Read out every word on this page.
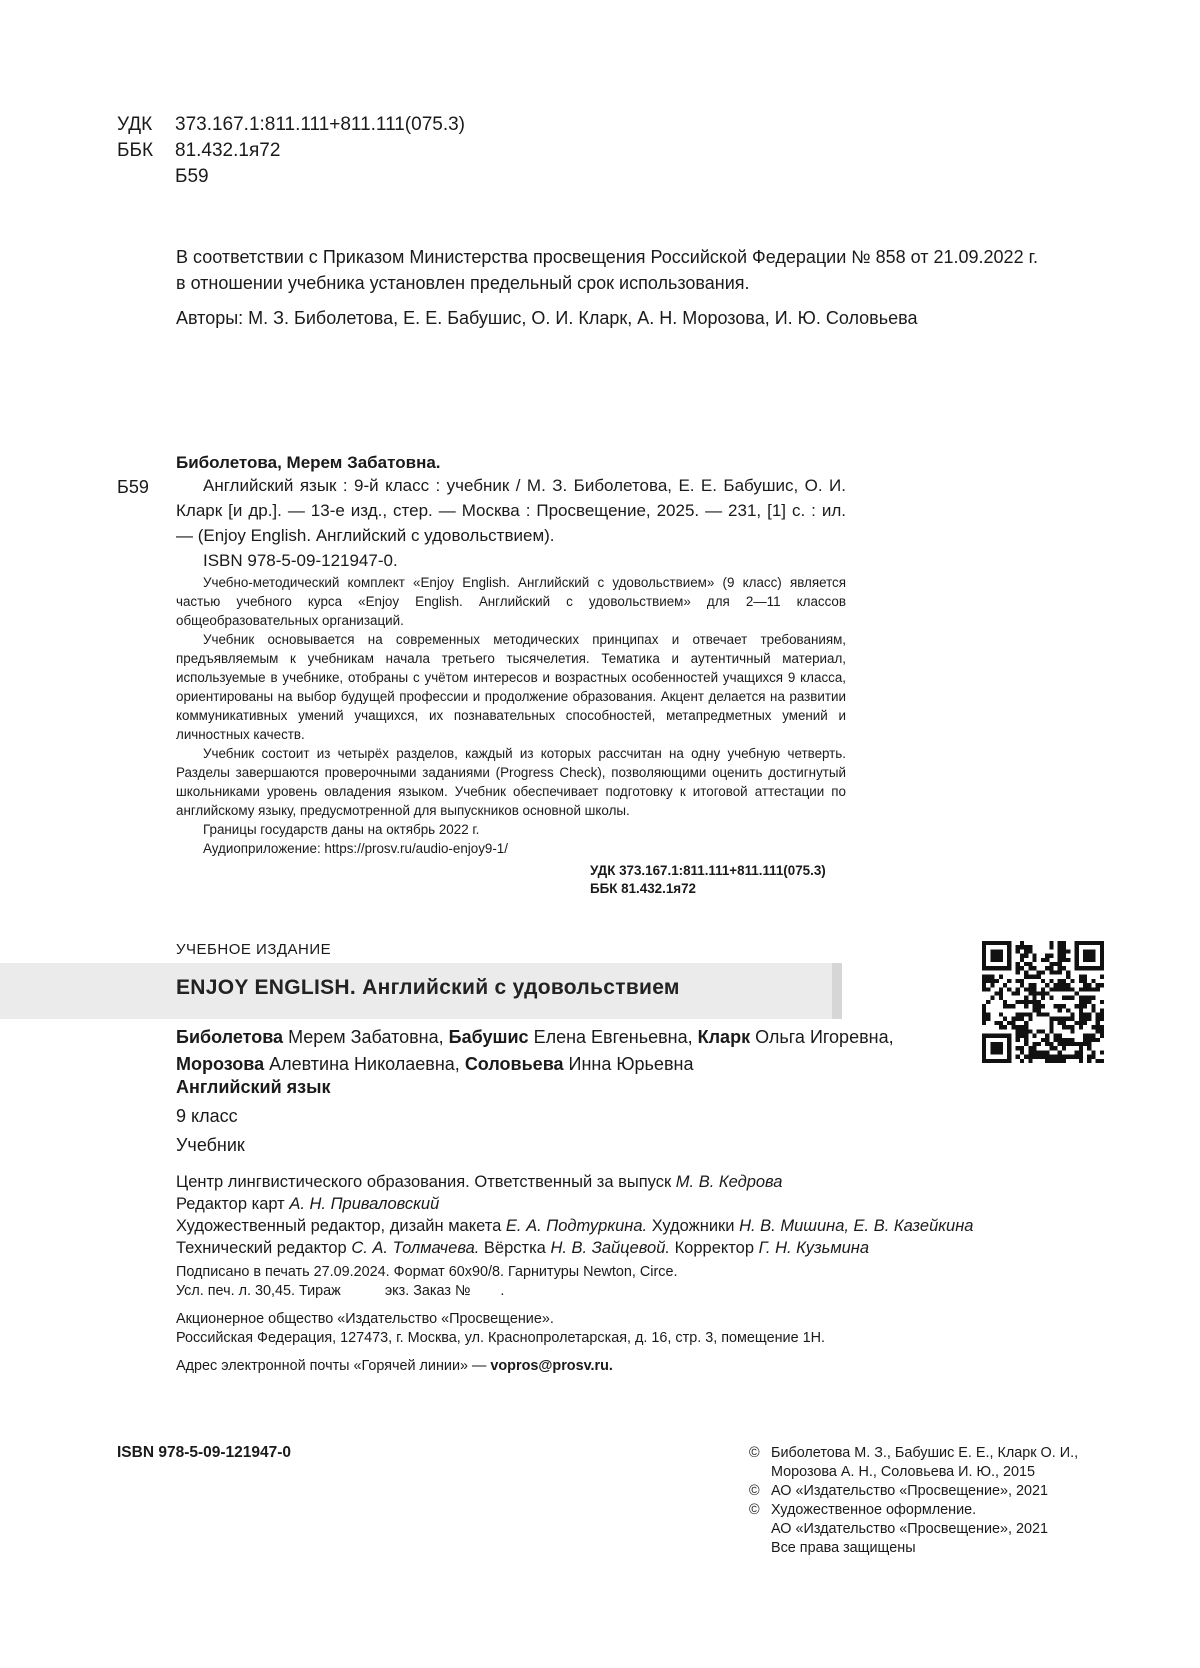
УДК	373.167.1:811.111+811.111(075.3)
ББК	81.432.1я72
Б59
В соответствии с Приказом Министерства просвещения Российской Федерации № 858 от 21.09.2022 г.
в отношении учебника установлен предельный срок использования.
Авторы: М. З. Биболетова, Е. Е. Бабушис, О. И. Кларк, А. Н. Морозова, И. Ю. Соловьева
Биболетова, Мерем Забатовна.
Б59	Английский язык : 9-й класс : учебник / М. З. Биболетова, Е. Е. Бабушис, О. И. Кларк [и др.]. — 13-е изд., стер. — Москва : Просвещение, 2025. — 231, [1] с. : ил. — (Enjoy English. Английский с удовольствием).
ISBN 978-5-09-121947-0.
Учебно-методический комплект «Enjoy English. Английский с удовольствием» (9 класс) является частью учебного курса «Enjoy English. Английский с удовольствием» для 2—11 классов общеобразовательных организаций.
Учебник основывается на современных методических принципах и отвечает требованиям, предъявляемым к учебникам начала третьего тысячелетия. Тематика и аутентичный материал, используемые в учебнике, отобраны с учётом интересов и возрастных особенностей учащихся 9 класса, ориентированы на выбор будущей профессии и продолжение образования. Акцент делается на развитии коммуникативных умений учащихся, их познавательных способностей, метапредметных умений и личностных качеств.
Учебник состоит из четырёх разделов, каждый из которых рассчитан на одну учебную четверть. Разделы завершаются проверочными заданиями (Progress Check), позволяющими оценить достигнутый школьниками уровень овладения языком. Учебник обеспечивает подготовку к итоговой аттестации по английскому языку, предусмотренной для выпускников основной школы.
Границы государств даны на октябрь 2022 г.
Аудиоприложение: https://prosv.ru/audio-enjoy9-1/
УДК 373.167.1:811.111+811.111(075.3)
ББК 81.432.1я72
УЧЕБНОЕ ИЗДАНИЕ
ENJOY ENGLISH. Английский с удовольствием
Биболетова Мерем Забатовна, Бабушис Елена Евгеньевна, Кларк Ольга Игоревна,
Морозова Алевтина Николаевна, Соловьева Инна Юрьевна
Английский язык
9 класс
Учебник
Центр лингвистического образования. Ответственный за выпуск М. В. Кедрова
Редактор карт А. Н. Приваловский
Художественный редактор, дизайн макета Е. А. Подтуркина. Художники Н. В. Мишина, Е. В. Казейкина
Технический редактор С. А. Толмачева. Вёрстка Н. В. Зайцевой. Корректор Г. Н. Кузьмина
Подписано в печать 27.09.2024. Формат 60x90/8. Гарнитуры Newton, Circe.
Усл. печ. л. 30,45. Тираж	экз. Заказ № .
Акционерное общество «Издательство «Просвещение».
Российская Федерация, 127473, г. Москва, ул. Краснопролетарская, д. 16, стр. 3, помещение 1Н.
Адрес электронной почты «Горячей линии» — vopros@prosv.ru.
ISBN 978-5-09-121947-0	© Биболетова М. З., Бабушис Е. Е., Кларк О. И.,
Морозова А. Н., Соловьева И. Ю., 2015
© АО «Издательство «Просвещение», 2021
© Художественное оформление.
АО «Издательство «Просвещение», 2021
Все права защищены
